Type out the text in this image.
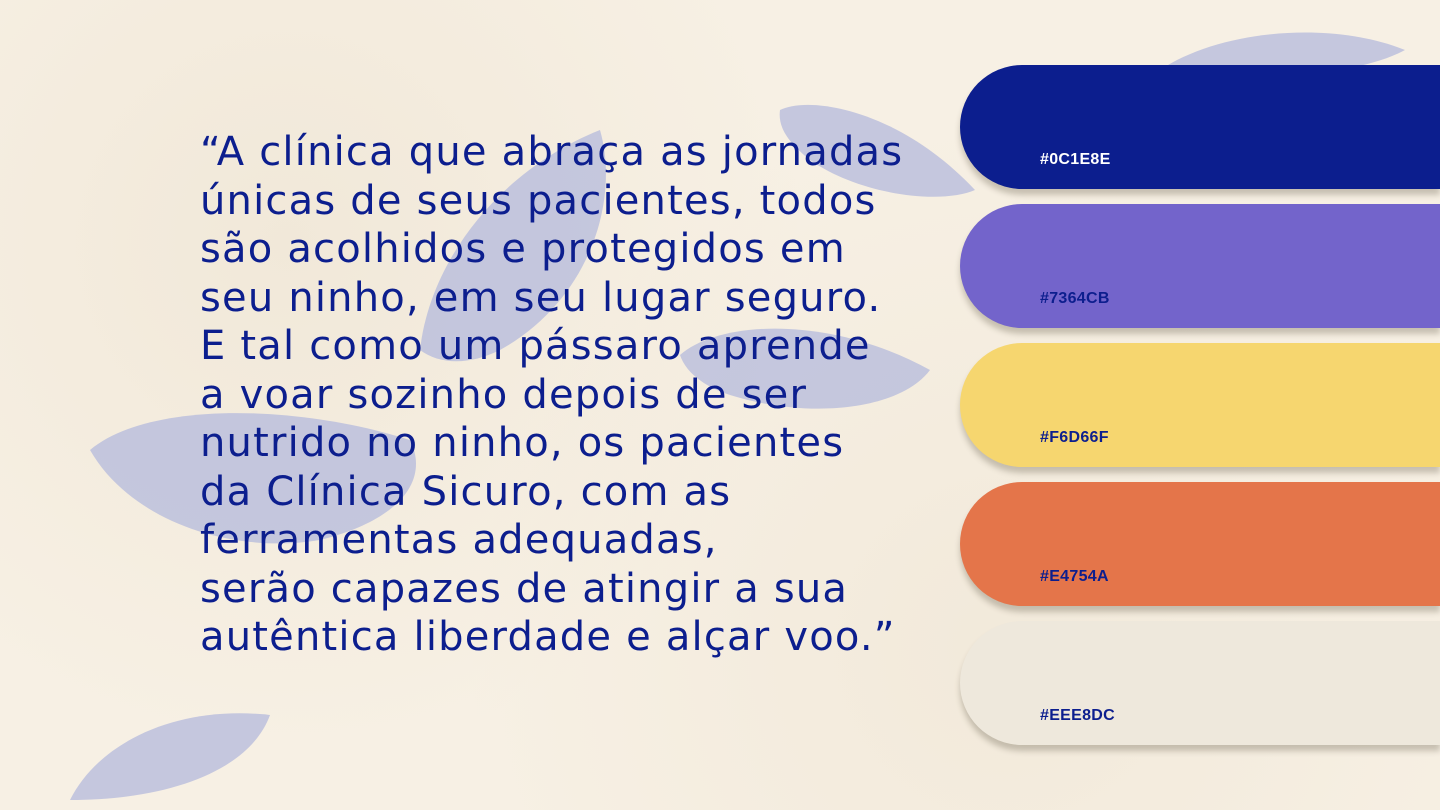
“A clínica que abraça as jornadas
únicas de seus pacientes, todos
são acolhidos e protegidos em
seu ninho, em seu lugar seguro.
E tal como um pássaro aprende
a voar sozinho depois de ser
nutrido no ninho, os pacientes
da Clínica Sicuro, com as
ferramentas adequadas,
serão capazes de atingir a sua
autêntica liberdade e alçar voo.”

#0C1E8E
#7364CB
#F6D66F
#E4754A
#EEE8DC
